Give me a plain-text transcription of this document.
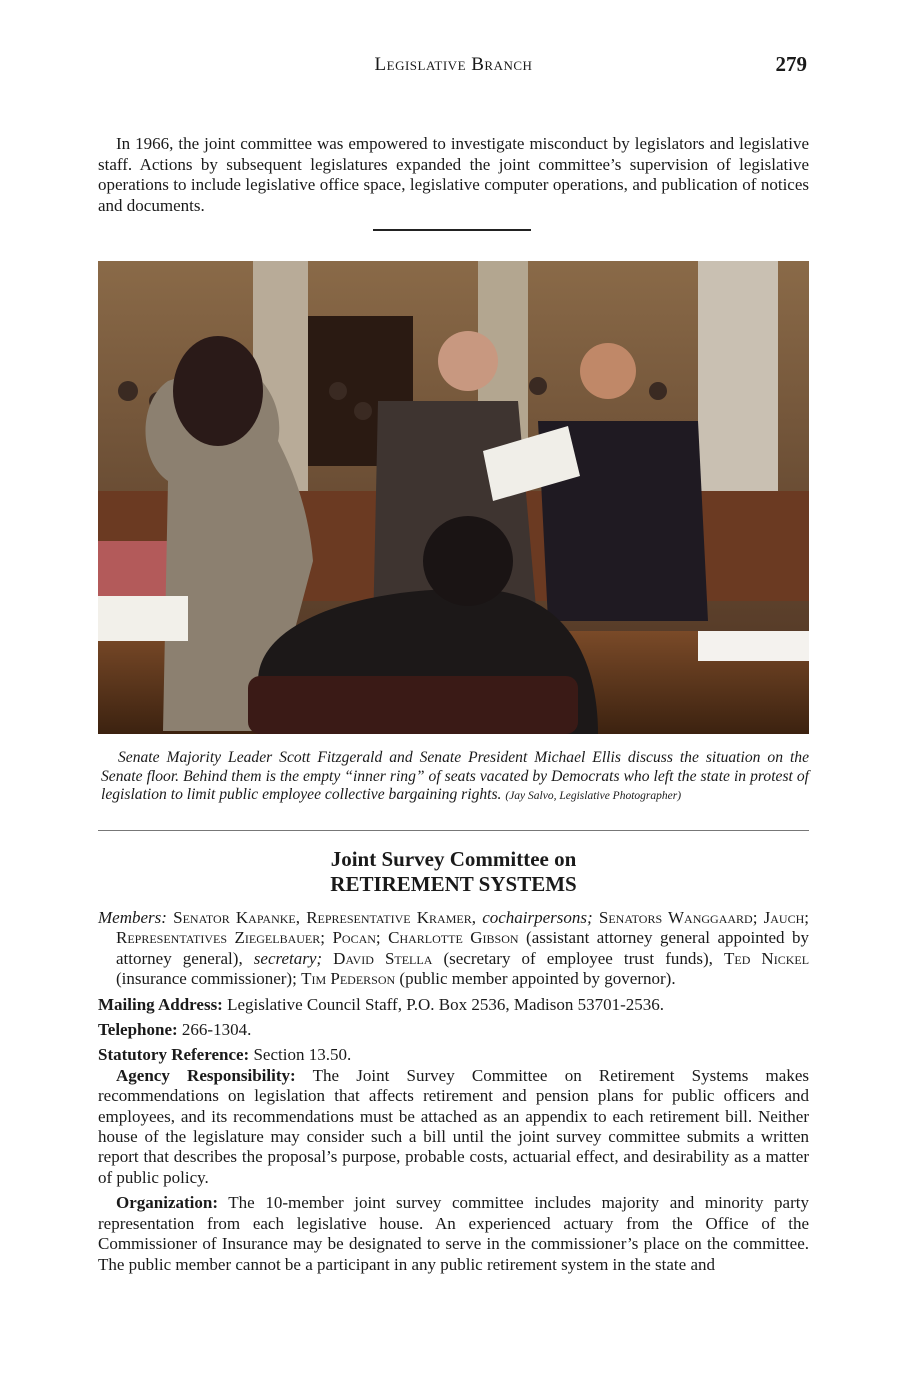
Legislative Branch	279

In 1966, the joint committee was empowered to investigate misconduct by legislators and legislative staff. Actions by subsequent legislatures expanded the joint committee’s supervision of legislative operations to include legislative office space, legislative computer operations, and publication of notices and documents.

Senate Majority Leader Scott Fitzgerald and Senate President Michael Ellis discuss the situation on the Senate floor. Behind them is the empty “inner ring” of seats vacated by Democrats who left the state in protest of legislation to limit public employee collective bargaining rights. (Jay Salvo, Legislative Photographer)

Joint Survey Committee on
RETIREMENT SYSTEMS

Members: Senator Kapanke, Representative Kramer, cochairpersons; Senators Wanggaard; Jauch; Representatives Ziegelbauer; Pocan; Charlotte Gibson (assistant attorney general appointed by attorney general), secretary; David Stella (secretary of employee trust funds), Ted Nickel (insurance commissioner); Tim Pederson (public member appointed by governor).

Mailing Address: Legislative Council Staff, P.O. Box 2536, Madison 53701-2536.

Telephone: 266-1304.

Statutory Reference: Section 13.50.

Agency Responsibility: The Joint Survey Committee on Retirement Systems makes recommendations on legislation that affects retirement and pension plans for public officers and employees, and its recommendations must be attached as an appendix to each retirement bill. Neither house of the legislature may consider such a bill until the joint survey committee submits a written report that describes the proposal’s purpose, probable costs, actuarial effect, and desirability as a matter of public policy.

Organization: The 10-member joint survey committee includes majority and minority party representation from each legislative house. An experienced actuary from the Office of the Commissioner of Insurance may be designated to serve in the commissioner’s place on the committee. The public member cannot be a participant in any public retirement system in the state and
